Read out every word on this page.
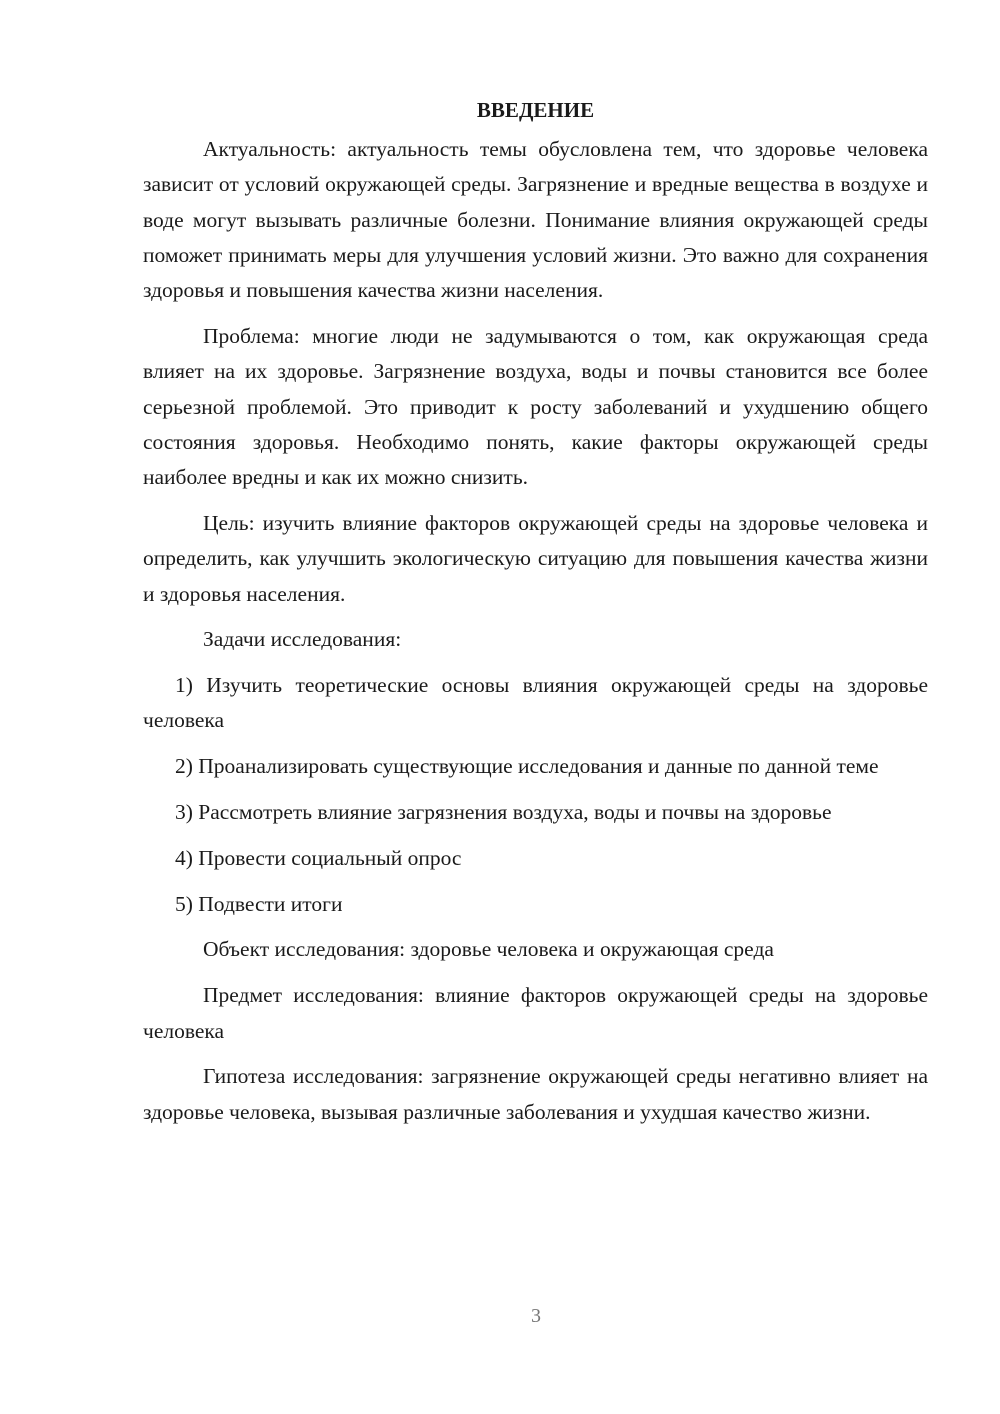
ВВЕДЕНИЕ

Актуальность: актуальность темы обусловлена тем, что здоровье человека зависит от условий окружающей среды. Загрязнение и вредные вещества в воздухе и воде могут вызывать различные болезни. Понимание влияния окружающей среды поможет принимать меры для улучшения условий жизни. Это важно для сохранения здоровья и повышения качества жизни населения.

Проблема: многие люди не задумываются о том, как окружающая среда влияет на их здоровье. Загрязнение воздуха, воды и почвы становится все более серьезной проблемой. Это приводит к росту заболеваний и ухудшению общего состояния здоровья. Необходимо понять, какие факторы окружающей среды наиболее вредны и как их можно снизить.

Цель: изучить влияние факторов окружающей среды на здоровье человека и определить, как улучшить экологическую ситуацию для повышения качества жизни и здоровья населения.

Задачи исследования:

1) Изучить теоретические основы влияния окружающей среды на здоровье человека

2) Проанализировать существующие исследования и данные по данной теме

3) Рассмотреть влияние загрязнения воздуха, воды и почвы на здоровье

4) Провести социальный опрос

5) Подвести итоги

Объект исследования: здоровье человека и окружающая среда

Предмет исследования: влияние факторов окружающей среды на здоровье человека

Гипотеза исследования: загрязнение окружающей среды негативно влияет на здоровье человека, вызывая различные заболевания и ухудшая качество жизни.

3
